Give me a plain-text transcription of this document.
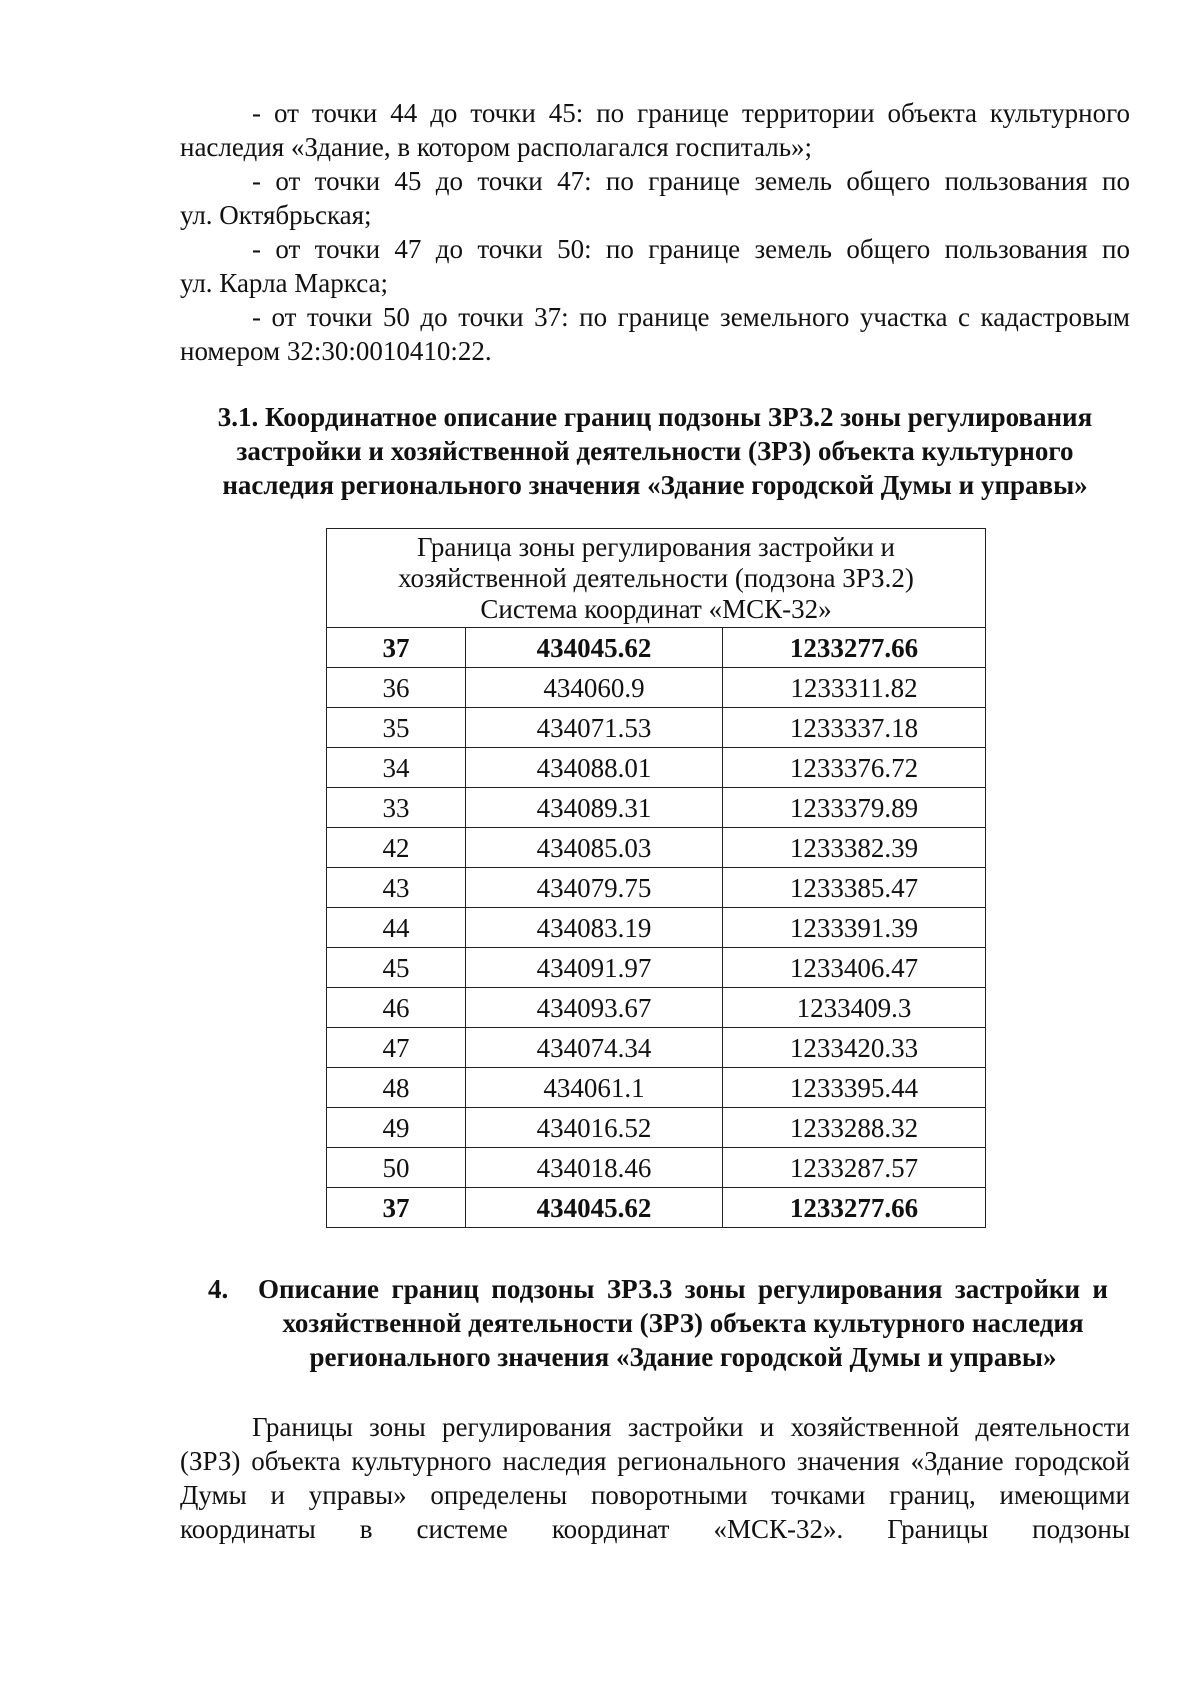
- от точки 44 до точки 45: по границе территории объекта культурного
наследия «Здание, в котором располагался госпиталь»;

- от точки 45 до точки 47: по границе земель общего пользования по
ул. Октябрьская;

- от точки 47 до точки 50: по границе земель общего пользования по
ул. Карла Маркса;

- от точки 50 до точки 37: по границе земельного участка с кадастровым
номером 32:30:0010410:22.

3.1. Координатное описание границ подзоны ЗРЗ.2 зоны регулирования
застройки и хозяйственной деятельности (ЗРЗ) объекта культурного
наследия регионального значения «Здание городской Думы и управы»
Граница зоны регулирования застройки и
хозяйственной деятельности (подзона ЗРЗ.2)
Система координат «МСК-32»		

37	434045.62	1233277.66
36	434060.9	1233311.82
35	434071.53	1233337.18
34	434088.01	1233376.72
33	434089.31	1233379.89
42	434085.03	1233382.39
43	434079.75	1233385.47
44	434083.19	1233391.39
45	434091.97	1233406.47
46	434093.67	1233409.3
47	434074.34	1233420.33
48	434061.1	1233395.44
49	434016.52	1233288.32
50	434018.46	1233287.57
37	434045.62	1233277.66
4.	Описание границ подзоны ЗРЗ.3 зоны регулирования застройки и
хозяйственной деятельности (ЗРЗ) объекта культурного наследия
регионального значения «Здание городской Думы и управы»

Границы зоны регулирования застройки и хозяйственной деятельности (ЗРЗ) объекта культурного наследия регионального значения «Здание городской Думы и управы» определены поворотными точками границ, имеющими координаты в системе координат «МСК-32». Границы подзоны
